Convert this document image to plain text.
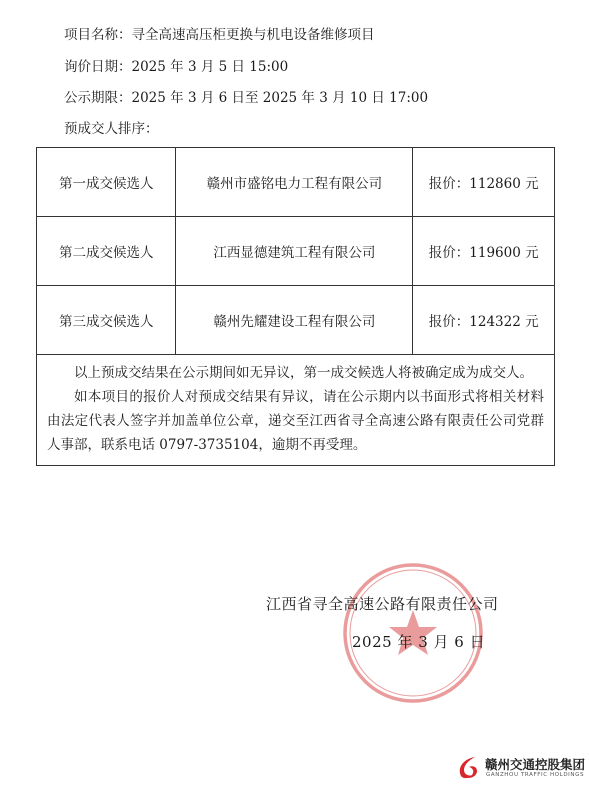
项目名称：寻全高速高压柜更换与机电设备维修项目
询价日期：2025 年 3 月 5 日 15:00
公示期限：2025 年 3 月 6 日至 2025 年 3 月 10 日 17:00
预成交人排序：
第一成交候选人	赣州市盛铭电力工程有限公司	报价：112860 元
第二成交候选人	江西显德建筑工程有限公司	报价：119600 元
第三成交候选人	赣州先耀建设工程有限公司	报价：124322 元

以上预成交结果在公示期间如无异议，第一成交候选人将被确定成为成交人。

如本项目的报价人对预成交结果有异议，请在公示期内以书面形式将相关材料由法定代表人签字并加盖单位公章，递交至江西省寻全高速公路有限责任公司党群人事部，联系电话 0797-3735104，逾期不再受理。		

江西省寻全高速公路有限责任公司
2025 年 3 月 6 日
赣州交通控股集团
GANZHOU TRAFFIC HOLDINGS
